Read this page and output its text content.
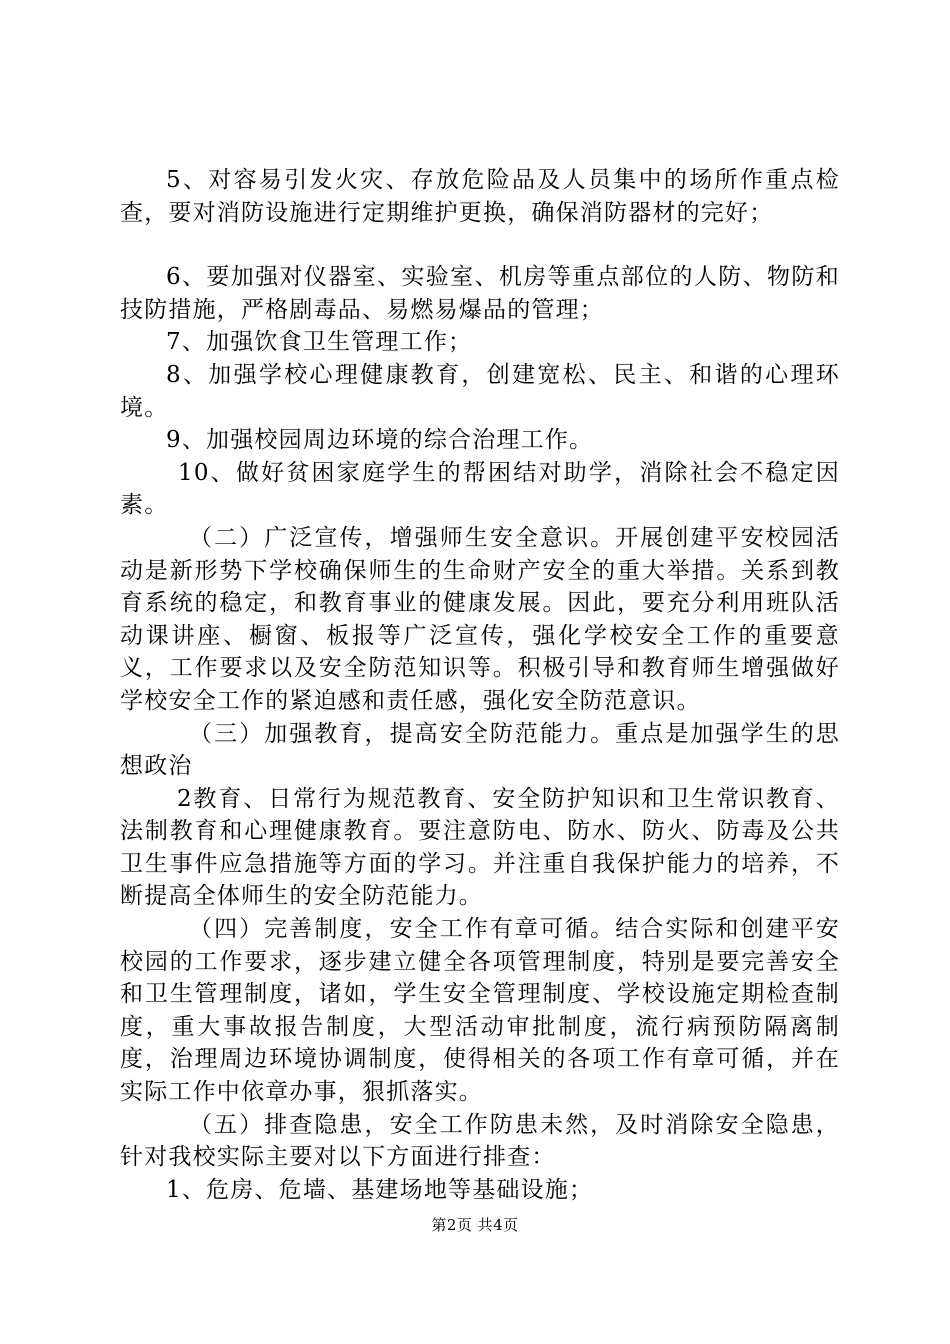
5、对容易引发火灾、存放危险品及人员集中的场所作重点检查，要对消防设施进行定期维护更换，确保消防器材的完好；

6、要加强对仪器室、实验室、机房等重点部位的人防、物防和技防措施，严格剧毒品、易燃易爆品的管理；

7、加强饮食卫生管理工作；

8、加强学校心理健康教育，创建宽松、民主、和谐的心理环境。

9、加强校园周边环境的综合治理工作。

10、做好贫困家庭学生的帮困结对助学，消除社会不稳定因素。

（二）广泛宣传，增强师生安全意识。开展创建平安校园活动是新形势下学校确保师生的生命财产安全的重大举措。关系到教育系统的稳定，和教育事业的健康发展。因此，要充分利用班队活动课讲座、橱窗、板报等广泛宣传，强化学校安全工作的重要意义，工作要求以及安全防范知识等。积极引导和教育师生增强做好学校安全工作的紧迫感和责任感，强化安全防范意识。

（三）加强教育，提高安全防范能力。重点是加强学生的思想政治

2教育、日常行为规范教育、安全防护知识和卫生常识教育、法制教育和心理健康教育。要注意防电、防水、防火、防毒及公共卫生事件应急措施等方面的学习。并注重自我保护能力的培养，不断提高全体师生的安全防范能力。

（四）完善制度，安全工作有章可循。结合实际和创建平安校园的工作要求，逐步建立健全各项管理制度，特别是要完善安全和卫生管理制度，诸如，学生安全管理制度、学校设施定期检查制度，重大事故报告制度，大型活动审批制度，流行病预防隔离制度，治理周边环境协调制度，使得相关的各项工作有章可循，并在实际工作中依章办事，狠抓落实。

（五）排查隐患，安全工作防患未然，及时消除安全隐患，针对我校实际主要对以下方面进行排查：

1、危房、危墙、基建场地等基础设施；

第2页 共4页
